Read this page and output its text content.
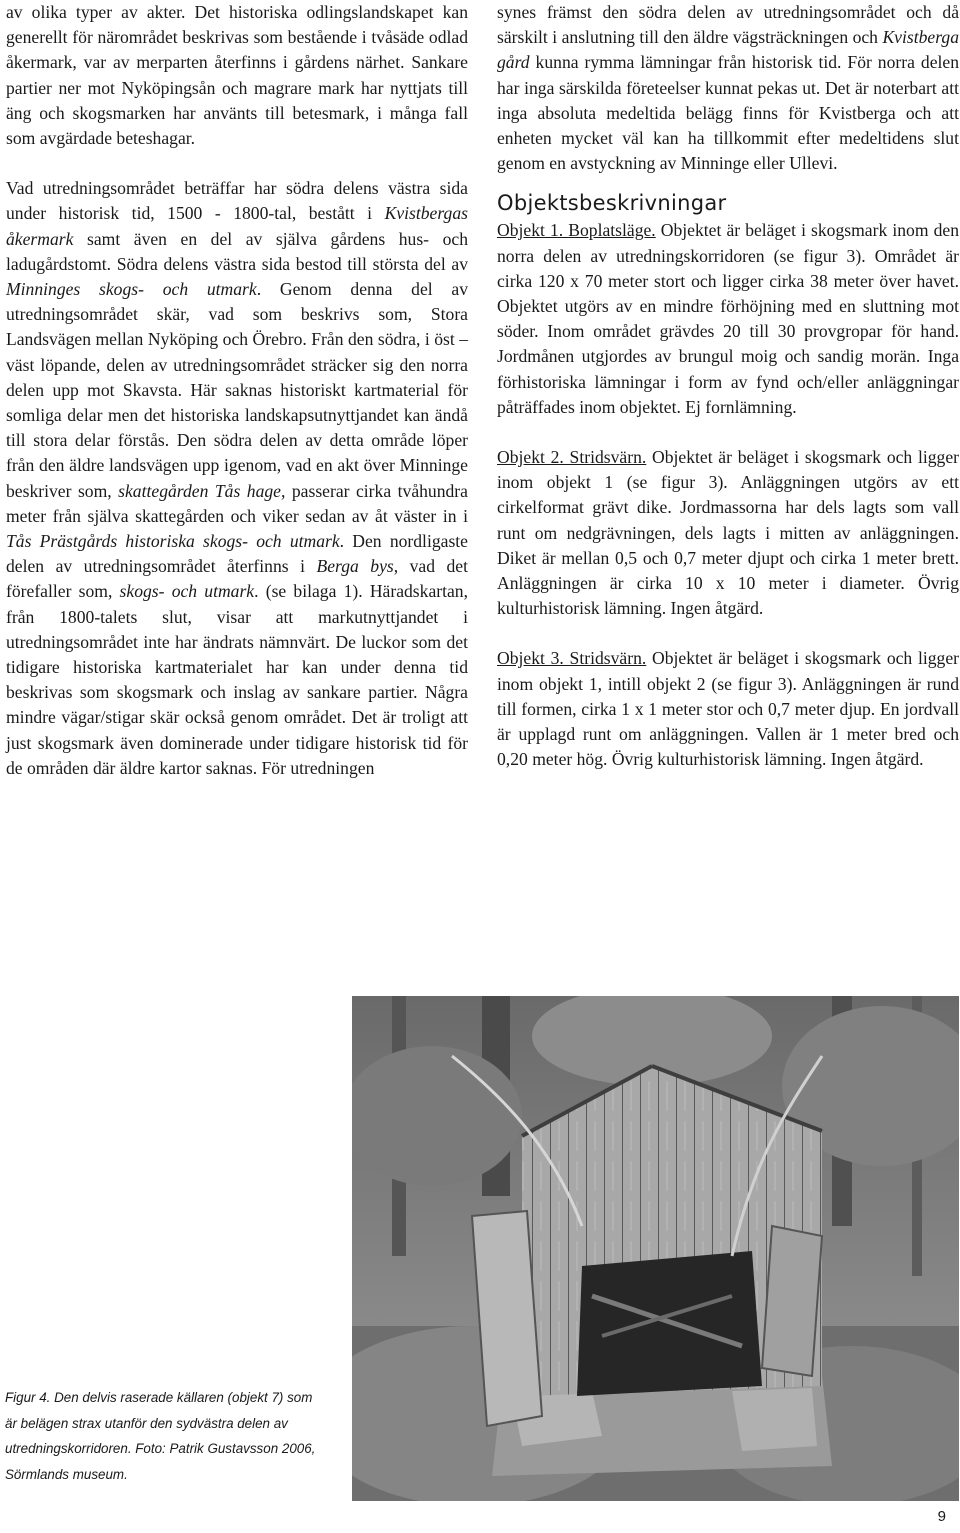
av olika typer av akter. Det historiska odlingslandskapet kan generellt för närområdet beskrivas som bestående i tvåsäde odlad åkermark, var av merparten återfinns i gårdens närhet. Sankare partier ner mot Nyköpingsån och magrare mark har nyttjats till äng och skogsmarken har använts till betesmark, i många fall som avgärdade beteshagar.

Vad utredningsområdet beträffar har södra delens västra sida under historisk tid, 1500 - 1800-tal, bestått i Kvistbergas åkermark samt även en del av själva gårdens hus- och ladugårdstomt. Södra delens västra sida bestod till största del av Minninges skogs- och utmark. Genom denna del av utredningsområdet skär, vad som beskrivs som, Stora Landsvägen mellan Nyköping och Örebro. Från den södra, i öst – väst löpande, delen av utredningsområdet sträcker sig den norra delen upp mot Skavsta. Här saknas historiskt kartmaterial för somliga delar men det historiska landskapsutnyttjandet kan ändå till stora delar förstås. Den södra delen av detta område löper från den äldre landsvägen upp igenom, vad en akt över Minninge beskriver som, skattegården Tås hage, passerar cirka tvåhundra meter från själva skattegården och viker sedan av åt väster in i Tås Prästgårds historiska skogs- och utmark. Den nordligaste delen av utredningsområdet återfinns i Berga bys, vad det förefaller som, skogs- och utmark. (se bilaga 1). Häradskartan, från 1800-talets slut, visar att markutnyttjandet i utredningsområdet inte har ändrats nämnvärt. De luckor som det tidigare historiska kartmaterialet har kan under denna tid beskrivas som skogsmark och inslag av sankare partier. Några mindre vägar/stigar skär också genom området. Det är troligt att just skogsmark även dominerade under tidigare historisk tid för de områden där äldre kartor saknas. För utredningen

synes främst den södra delen av utredningsområdet och då särskilt i anslutning till den äldre vägsträckningen och Kvistberga gård kunna rymma lämningar från historisk tid. För norra delen har inga särskilda företeelser kunnat pekas ut. Det är noterbart att inga absoluta medeltida belägg finns för Kvistberga och att enheten mycket väl kan ha tillkommit efter medeltidens slut genom en avstyckning av Minninge eller Ullevi.

Objektsbeskrivningar

Objekt 1. Boplatsläge. Objektet är beläget i skogsmark inom den norra delen av utredningskorridoren (se figur 3). Området är cirka 120 x 70 meter stort och ligger cirka 38 meter över havet. Objektet utgörs av en mindre förhöjning med en sluttning mot söder. Inom området grävdes 20 till 30 provgropar för hand. Jordmånen utgjordes av brungul moig och sandig morän. Inga förhistoriska lämningar i form av fynd och/eller anläggningar påträffades inom objektet. Ej fornlämning.

Objekt 2. Stridsvärn. Objektet är beläget i skogsmark och ligger inom objekt 1 (se figur 3). Anläggningen utgörs av ett cirkelformat grävt dike. Jordmassorna har dels lagts som vall runt om nedgrävningen, dels lagts i mitten av anläggningen. Diket är mellan 0,5 och 0,7 meter djupt och cirka 1 meter brett. Anläggningen är cirka 10 x 10 meter i diameter. Övrig kulturhistorisk lämning. Ingen åtgärd.

Objekt 3. Stridsvärn. Objektet är beläget i skogsmark och ligger inom objekt 1, intill objekt 2 (se figur 3). Anläggningen är rund till formen, cirka 1 x 1 meter stor och 0,7 meter djup. En jordvall är upplagd runt om anläggningen. Vallen är 1 meter bred och 0,20 meter hög. Övrig kulturhistorisk lämning. Ingen åtgärd.

Figur 4. Den delvis raserade källaren (objekt 7) som är belägen strax utanför den sydvästra delen av utredningskorridoren. Foto: Patrik Gustavsson 2006, Sörmlands museum.
9
